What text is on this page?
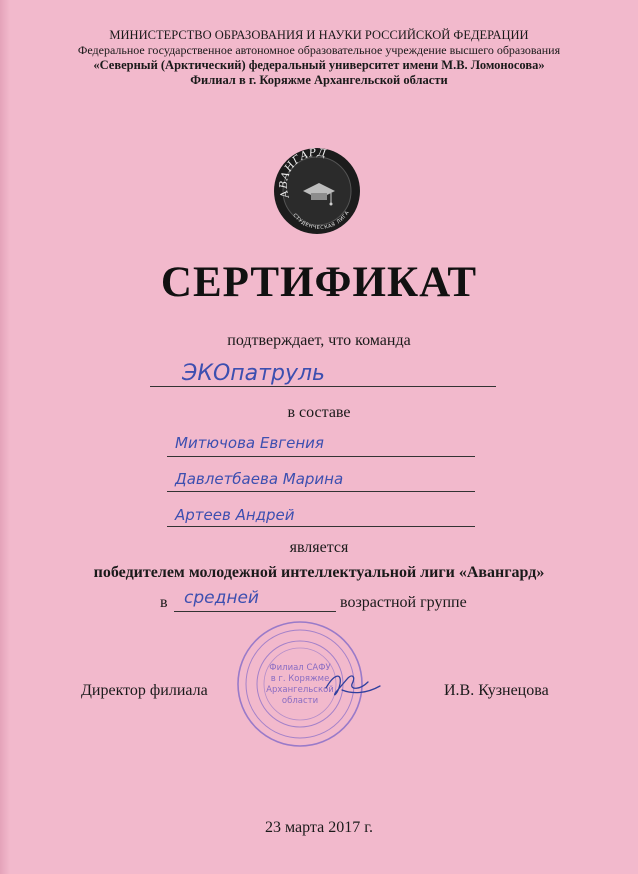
МИНИСТЕРСТВО ОБРАЗОВАНИЯ И НАУКИ РОССИЙСКОЙ ФЕДЕРАЦИИ
Федеральное государственное автономное образовательное учреждение высшего образования
«Северный (Арктический) федеральный университет имени М.В. Ломоносова»
Филиал в г. Коряжме Архангельской области
АВАНГАРД
СТУДЕНЧЕСКАЯ ЛИГА
СЕРТИФИКАТ
подтверждает, что команда
ЭКОпатруль
в составе
Митючова Евгения
Давлетбаева Марина
Артеев Андрей
является
победителем молодежной интеллектуальной лиги «Авангард»
в средней	возрастной группе
Филиал САФУ
в г. Коряжме
Архангельской
области
Директор филиала	И.В. Кузнецова
23 марта 2017 г.
